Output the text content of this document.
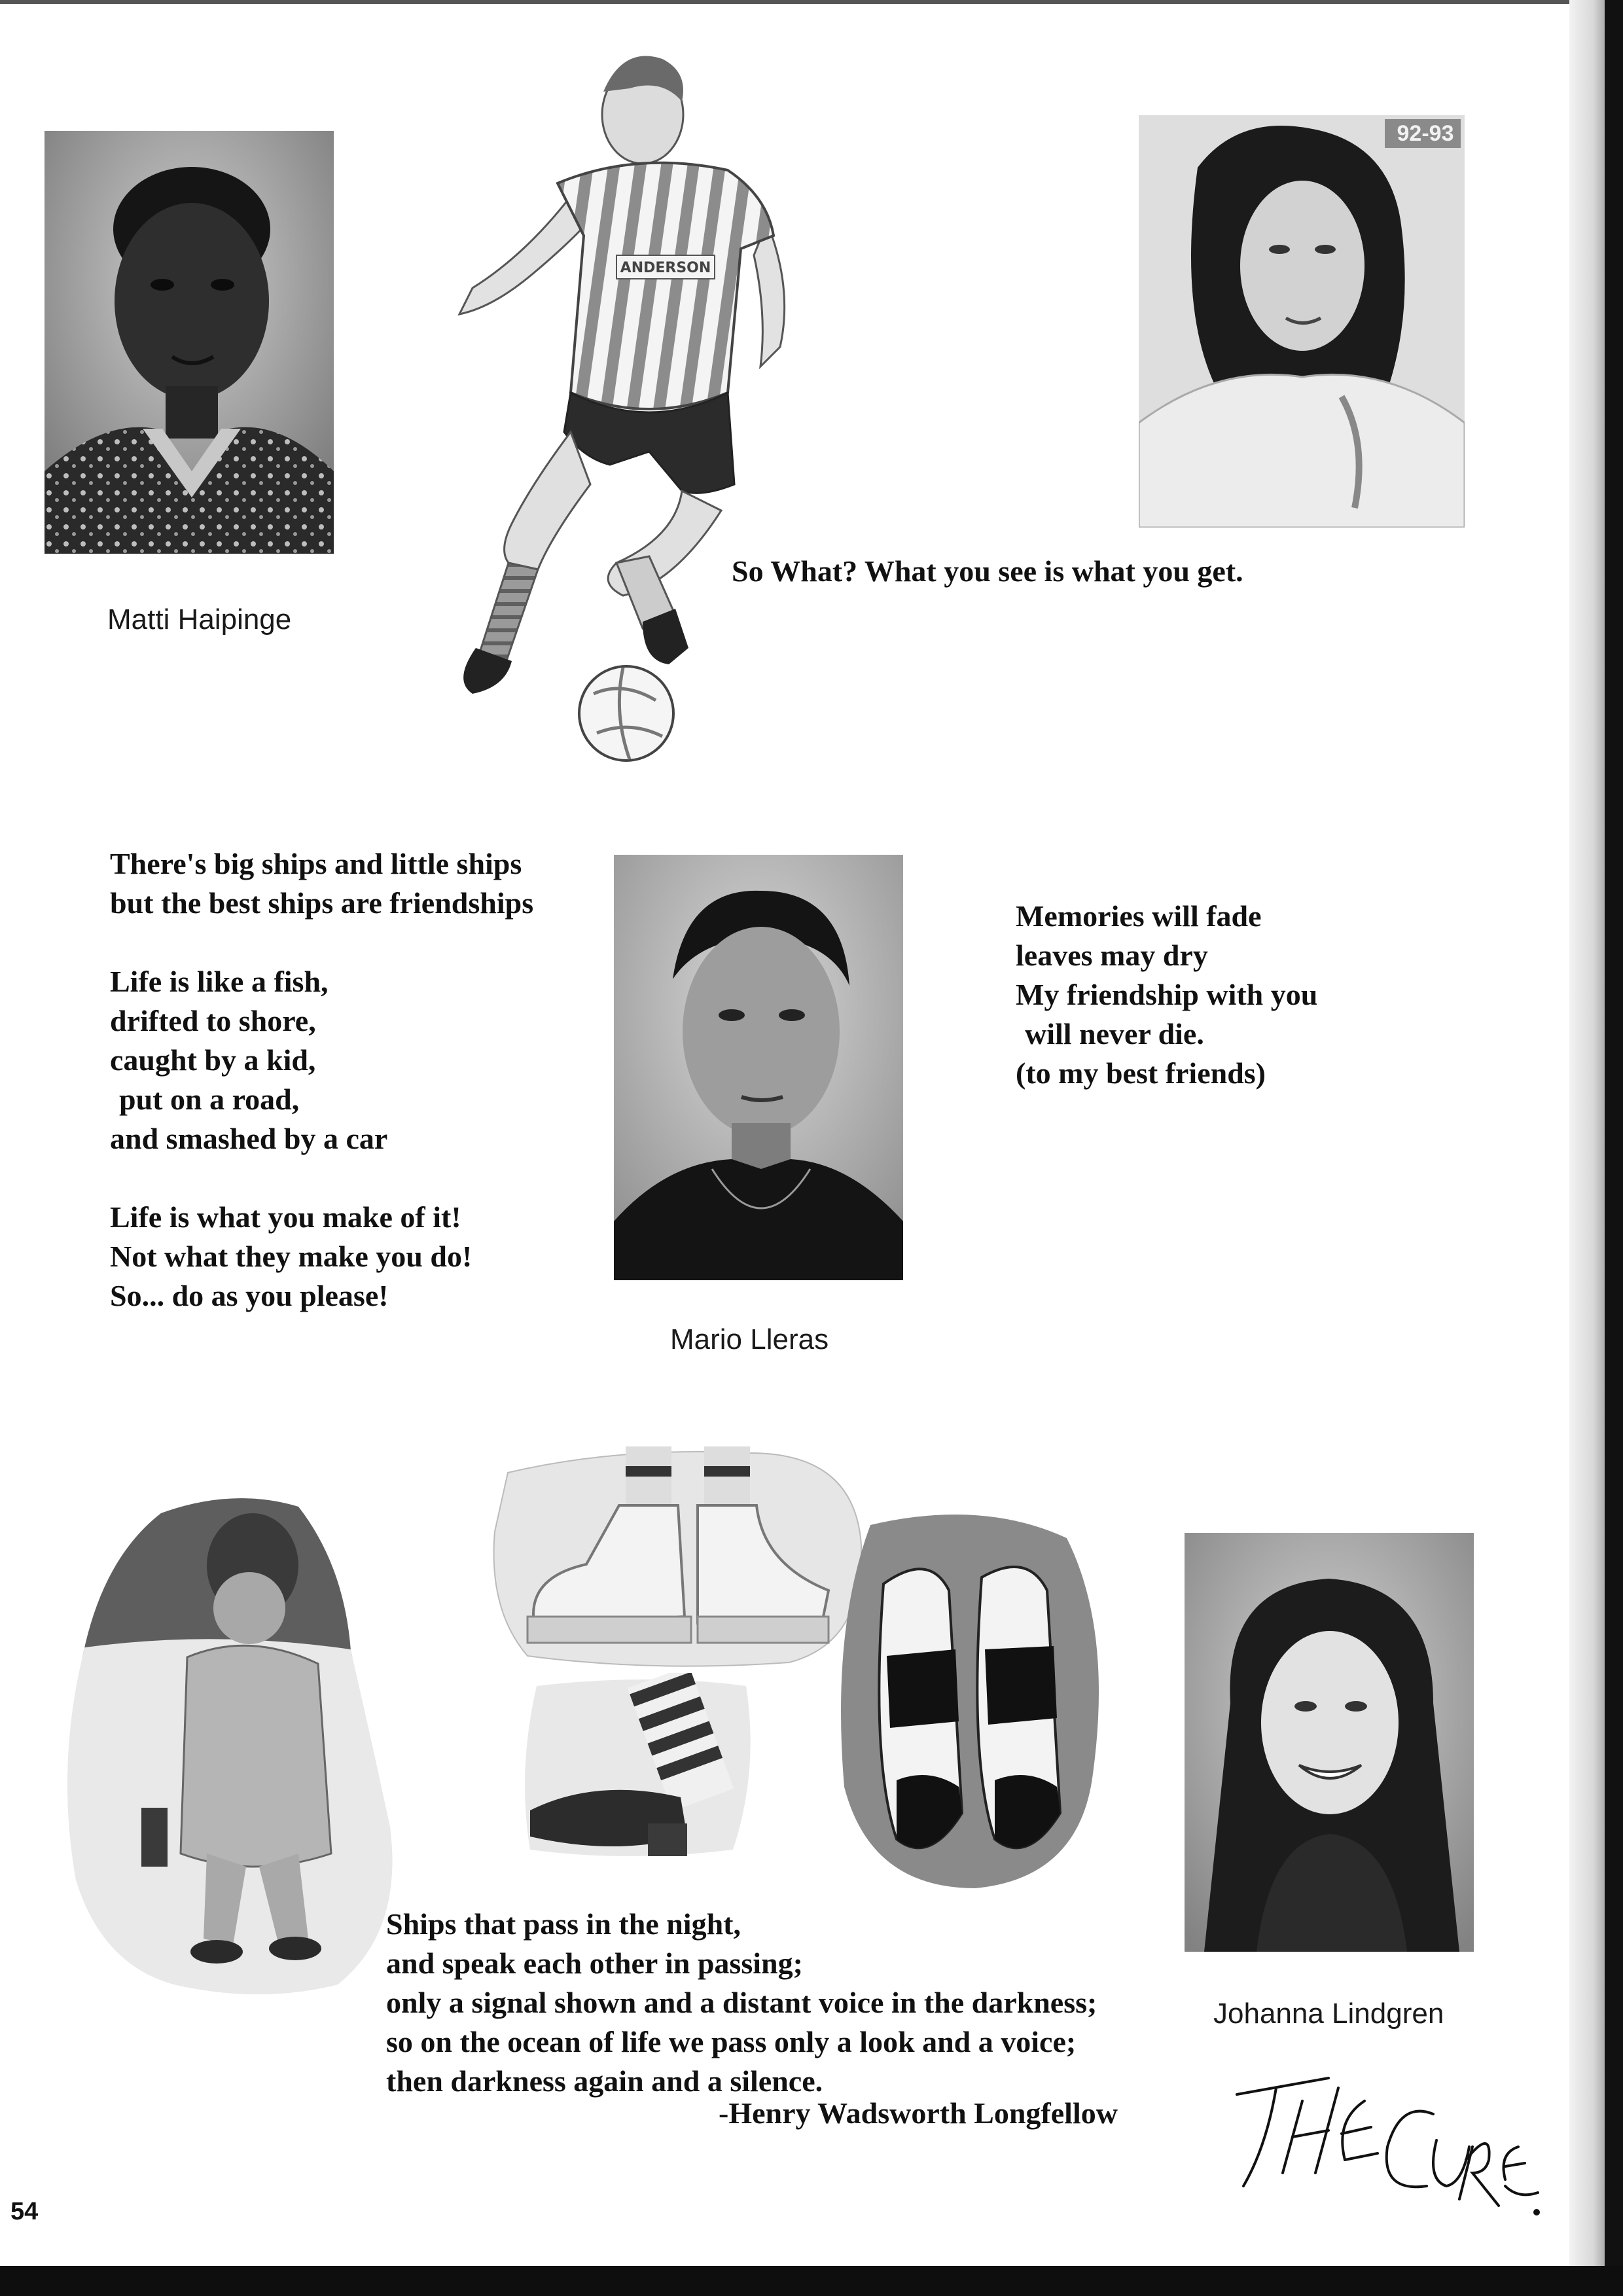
Matti Haipinge
ANDERSON
So What? What you see is what you get.
92-93
There's big ships and little ships
but the best ships are friendships
Life is like a fish,
drifted to shore,
caught by a kid,
put on a road,
and smashed by a car
Life is what you make of it!
Not what they make you do!
So... do as you please!
Mario Lleras
Memories will fade
leaves may dry
My friendship with you
will never die.
(to my best friends)
Johanna Lindgren
Ships that pass in the night,
and speak each other in passing;
only a signal shown and a distant voice in the darkness;
so on the ocean of life we pass only a look and a voice;
then darkness again and a silence.
-Henry Wadsworth Longfellow
54
